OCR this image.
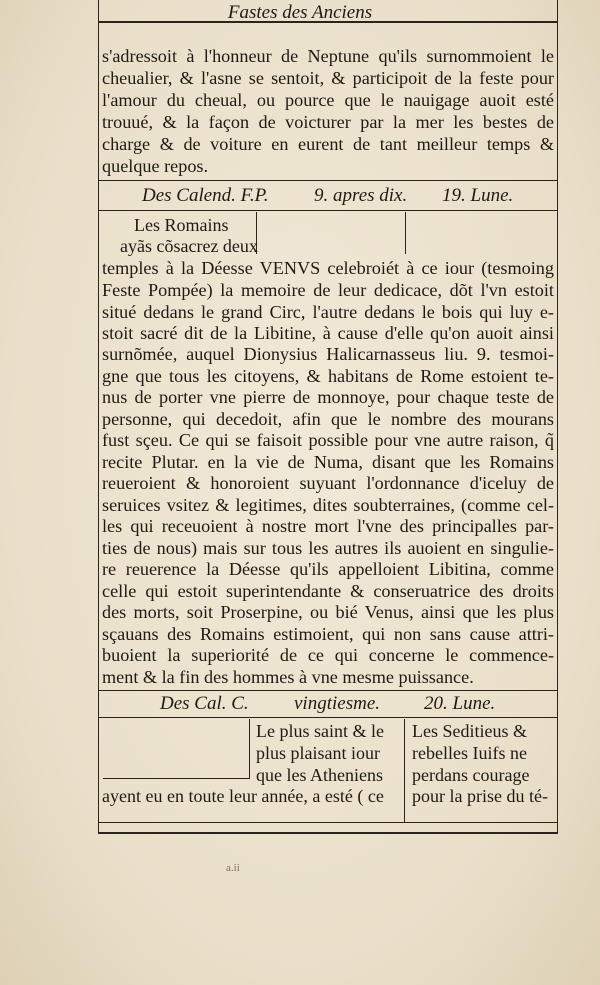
Fastes des Anciens
s'adressoit à l'honneur de Neptune qu'ils surnommoient le
cheualier, & l'asne se sentoit, & participoit de la feste pour
l'amour du cheual, ou pource que le nauigage auoit esté
trouué, & la façon de voicturer par la mer les bestes de
charge & de voiture en eurent de tant meilleur temps &
quelque repos.
Des Calend. F.P. 9. apres dix. 19. Lune.
Les Romains
ayãs cõsacrez deux
temples à la Déesse VENVS celebroiét à ce iour (tesmoing
Feste Pompée) la memoire de leur dedicace, dõt l'vn estoit
situé dedans le grand Circ, l'autre dedans le bois qui luy e-
stoit sacré dit de la Libitine, à cause d'elle qu'on auoit ainsi
surnõmée, auquel Dionysius Halicarnasseus liu. 9. tesmoi-
gne que tous les citoyens, & habitans de Rome estoient te-
nus de porter vne pierre de monnoye, pour chaque teste de
personne, qui decedoit, afin que le nombre des mourans
fust sçeu. Ce qui se faisoit possible pour vne autre raison, q̃
recite Plutar. en la vie de Numa, disant que les Romains
reueroient & honoroient suyuant l'ordonnance d'iceluy de
seruices vsitez & legitimes, dites soubterraines, (comme cel-
les qui receuoient à nostre mort l'vne des principalles par-
ties de nous) mais sur tous les autres ils auoient en singulie-
re reuerence la Déesse qu'ils appelloient Libitina, comme
celle qui estoit superintendante & conseruatrice des droits
des morts, soit Proserpine, ou bié Venus, ainsi que les plus
sçauans des Romains estimoient, qui non sans cause attri-
buoient la superiorité de ce qui concerne le commence-
ment & la fin des hommes à vne mesme puissance.
Des Cal. C. vingtiesme. 20. Lune.
Le plus saint & le
plus plaisant iour
que les Atheniens
Les Seditieus &
rebelles Iuifs ne
perdans courage
ayent eu en toute leur année, a esté ( ce pour la prise du té-
a.ii
